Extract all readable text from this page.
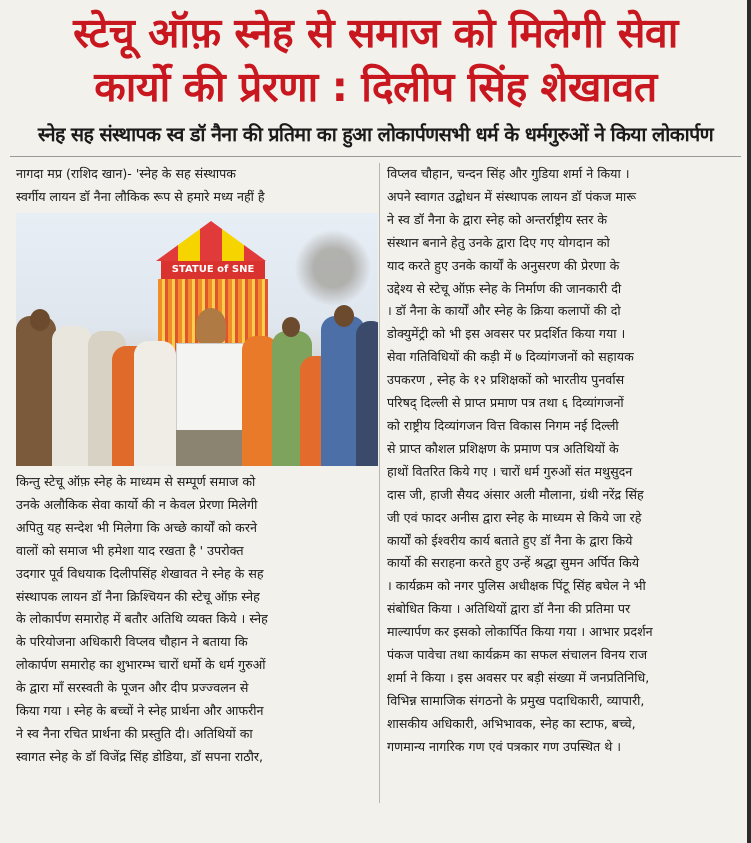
स्टेचू ऑफ़ स्नेह से समाज को मिलेगी सेवा
कार्यो की प्रेरणा : दिलीप सिंह शेखावत
स्नेह सह संस्थापक स्व डॉ नैना की प्रतिमा का हुआ लोकार्पणसभी धर्म के धर्मगुरुओं ने किया लोकार्पण

नागदा मप्र (राशिद खान)- 'स्नेह के सह संस्थापक

स्वर्गीय लायन डॉ नैना लौकिक रूप से हमारे मध्य नहीं है

STATUE of SNE

किन्तु स्टेचू ऑफ़ स्नेह के माध्यम से सम्पूर्ण समाज को

उनके अलौकिक सेवा कार्यो की न केवल प्रेरणा मिलेगी

अपितु यह सन्देश भी मिलेगा कि अच्छे कार्यों को करने

वालों को समाज भी हमेशा याद रखता है ' उपरोक्त

उदगार पूर्व विधयाक दिलीपसिंह शेखावत ने स्नेह के सह

संस्थापक लायन डॉ नैना क्रिश्चियन की स्टेचू ऑफ़ स्नेह

के लोकार्पण समारोह में बतौर अतिथि व्यक्त किये । स्नेह

के परियोजना अधिकारी विप्लव चौहान ने बताया कि

लोकार्पण समारोह का शुभारम्भ चारों धर्मो के धर्म गुरुओं

के द्वारा माँ सरस्वती के पूजन और दीप प्रज्ज्वलन से

किया गया । स्नेह के बच्चों ने स्नेह प्रार्थना और आफरीन

ने स्व नैना रचित प्रार्थना की प्रस्तुति दी। अतिथियों का

स्वागत स्नेह के डॉ विजेंद्र सिंह डोडिया, डॉ सपना राठौर,

विप्लव चौहान, चन्दन सिंह और गुडिया शर्मा ने किया ।

अपने स्वागत उद्बोधन में संस्थापक लायन डॉ पंकज मारू

ने स्व डॉ नैना के द्वारा स्नेह को अन्तर्राष्ट्रीय स्तर के

संस्थान बनाने हेतु उनके द्वारा दिए गए योगदान को

याद करते हुए उनके कार्यों के अनुसरण की प्रेरणा के

उद्देश्य से स्टेचू ऑफ़ स्नेह के निर्माण की जानकारी दी

। डॉ नैना के कार्यों और स्नेह के क्रिया कलापों की दो

डोक्युमेंट्री को भी इस अवसर पर प्रदर्शित किया गया ।

सेवा गतिविधियों की कड़ी में ७ दिव्यांगजनों को सहायक

उपकरण , स्नेह के १२ प्रशिक्षकों को भारतीय पुनर्वास

परिषद् दिल्ली से प्राप्त प्रमाण पत्र तथा ६ दिव्यांगजनों

को राष्ट्रीय दिव्यांगजन वित्त विकास निगम नई दिल्ली

से प्राप्त कौशल प्रशिक्षण के प्रमाण पत्र अतिथियों के

हाथों वितरित किये गए । चारों धर्म गुरुओं संत मथुसुदन

दास जी, हाजी सैयद अंसार अली मौलाना, ग्रंथी नरेंद्र सिंह

जी एवं फादर अनीस द्वारा स्नेह के माध्यम से किये जा रहे

कार्यों को ईश्वरीय कार्य बताते हुए डॉ नैना के द्वारा किये

कार्यो की सराहना करते हुए उन्हें श्रद्धा सुमन अर्पित किये

। कार्यक्रम को नगर पुलिस अधीक्षक पिंटू सिंह बघेल ने भी

संबोधित किया । अतिथियों द्वारा डॉ नैना की प्रतिमा पर

माल्यार्पण कर इसको लोकार्पित किया गया । आभार प्रदर्शन

पंकज पावेचा तथा कार्यक्रम का सफल संचालन विनय राज

शर्मा ने किया । इस अवसर पर बड़ी संख्या में जनप्रतिनिधि,

विभिन्न सामाजिक संगठनो के प्रमुख पदाधिकारी, व्यापारी,

शासकीय अधिकारी, अभिभावक, स्नेह का स्टाफ, बच्चे,

गणमान्य नागरिक गण एवं पत्रकार गण उपस्थित थे ।
